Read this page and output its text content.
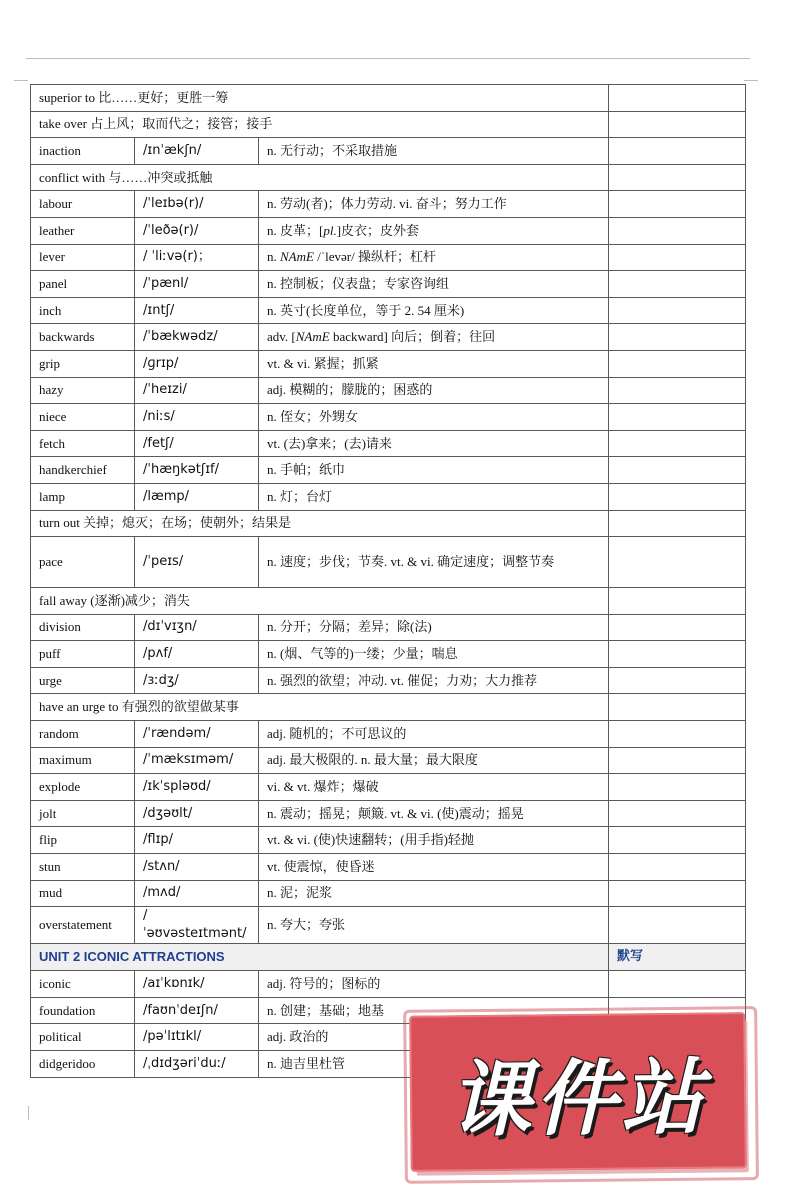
superior to 比……更好；更胜一筹			
take over 占上风；取而代之；接管；接手			
inaction	/ɪnˈækʃn/	n. 无行动；不采取措施	
conflict with 与……冲突或抵触			
labour	/ˈleɪbə(r)/	n. 劳动(者)；体力劳动. vi. 奋斗；努力工作	
leather	/ˈleðə(r)/	n. 皮革；[pl.]皮衣；皮外套	
lever	/ ˈliːvə(r)；	n. NAmE /ˈlevər/ 操纵杆；杠杆	
panel	/ˈpænl/	n. 控制板；仪表盘；专家咨询组	
inch	/ɪntʃ/	n. 英寸(长度单位，等于 2. 54 厘米)	
backwards	/ˈbækwədz/	adv. [NAmE backward] 向后；倒着；往回	
grip	/ɡrɪp/	vt. & vi. 紧握；抓紧	
hazy	/ˈheɪzi/	adj. 模糊的；朦胧的；困惑的	
niece	/niːs/	n. 侄女；外甥女	
fetch	/fetʃ/	vt. (去)拿来；(去)请来	
handkerchief	/ˈhæŋkətʃɪf/	n. 手帕；纸巾	
lamp	/læmp/	n. 灯；台灯	
turn out 关掉；熄灭；在场；使朝外；结果是			
pace	/ˈpeɪs/	n. 速度；步伐；节奏. vt. & vi. 确定速度；调整节奏	
fall away (逐渐)减少；消失			
division	/dɪˈvɪʒn/	n. 分开；分隔；差异；除(法)	
puff	/pʌf/	n. (烟、气等的)一缕；少量；喘息	
urge	/ɜːdʒ/	n. 强烈的欲望；冲动. vt. 催促；力劝；大力推荐	
have an urge to 有强烈的欲望做某事			
random	/ˈrændəm/	adj. 随机的；不可思议的	
maximum	/ˈmæksɪməm/	adj. 最大极限的. n. 最大量；最大限度	
explode	/ɪkˈspləʊd/	vi. & vt. 爆炸；爆破	
jolt	/dʒəʊlt/	n. 震动；摇晃；颠簸. vt. & vi. (使)震动；摇晃	
flip	/flɪp/	vt. & vi. (使)快速翻转；(用手指)轻抛	
stun	/stʌn/	vt. 使震惊，使昏迷	
mud	/mʌd/	n. 泥；泥浆	
overstatement	/ˈəʊvəsteɪtmənt/	n. 夸大；夸张	
UNIT 2 ICONIC ATTRACTIONS			默写
iconic	/aɪˈkɒnɪk/	adj. 符号的；图标的	
foundation	/faʊnˈdeɪʃn/	n. 创建；基础；地基	
political	/pəˈlɪtɪkl/	adj. 政治的	
didgeridoo	/ˌdɪdʒəriˈduː/	n. 迪吉里杜管		课件站
